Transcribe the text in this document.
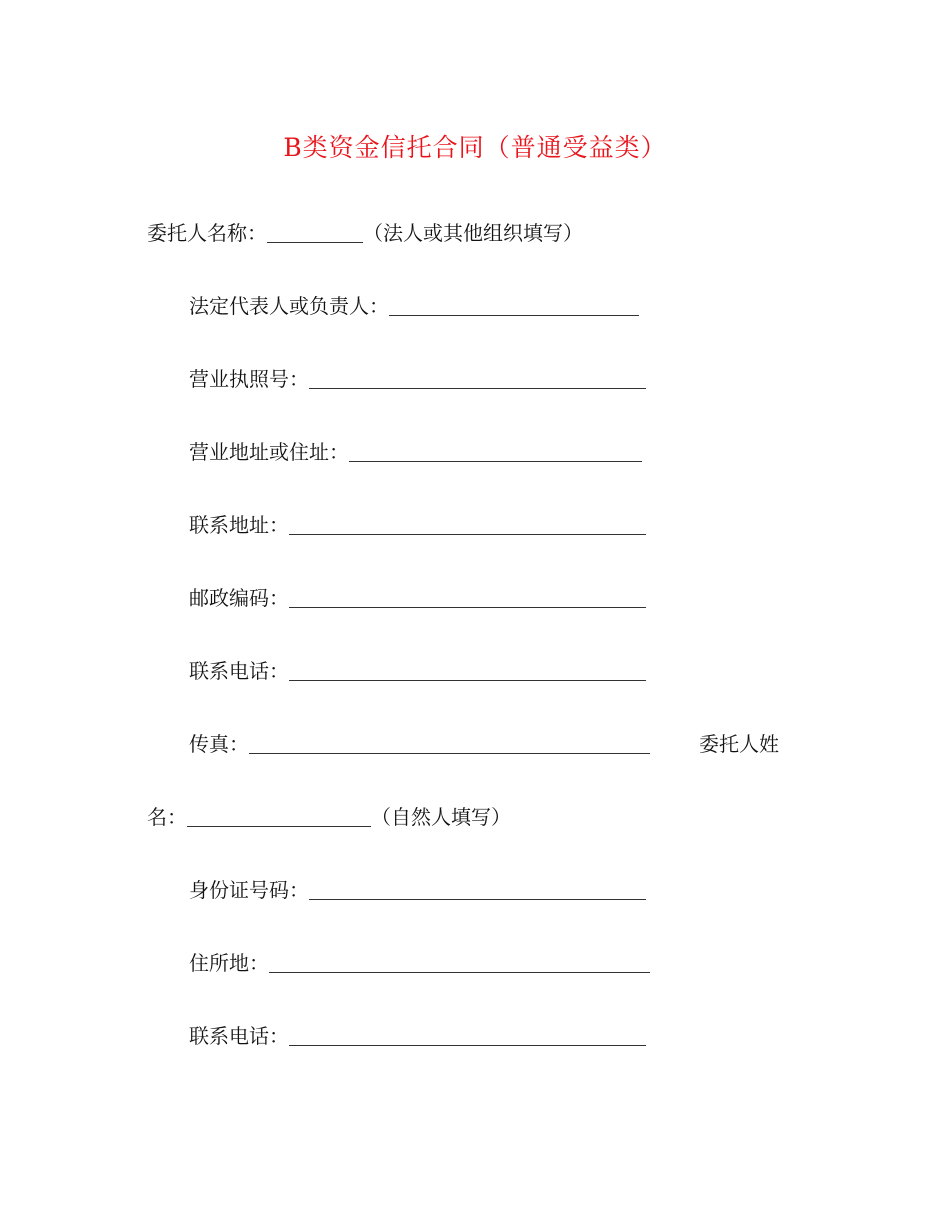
B类资金信托合同（普通受益类）
委托人名称：	（法人或其他组织填写）
法定代表人或负责人：
营业执照号：
营业地址或住址：
联系地址：
邮政编码：
联系电话：
传真：	委托人姓
名：	（自然人填写）
身份证号码：
住所地：
联系电话：
